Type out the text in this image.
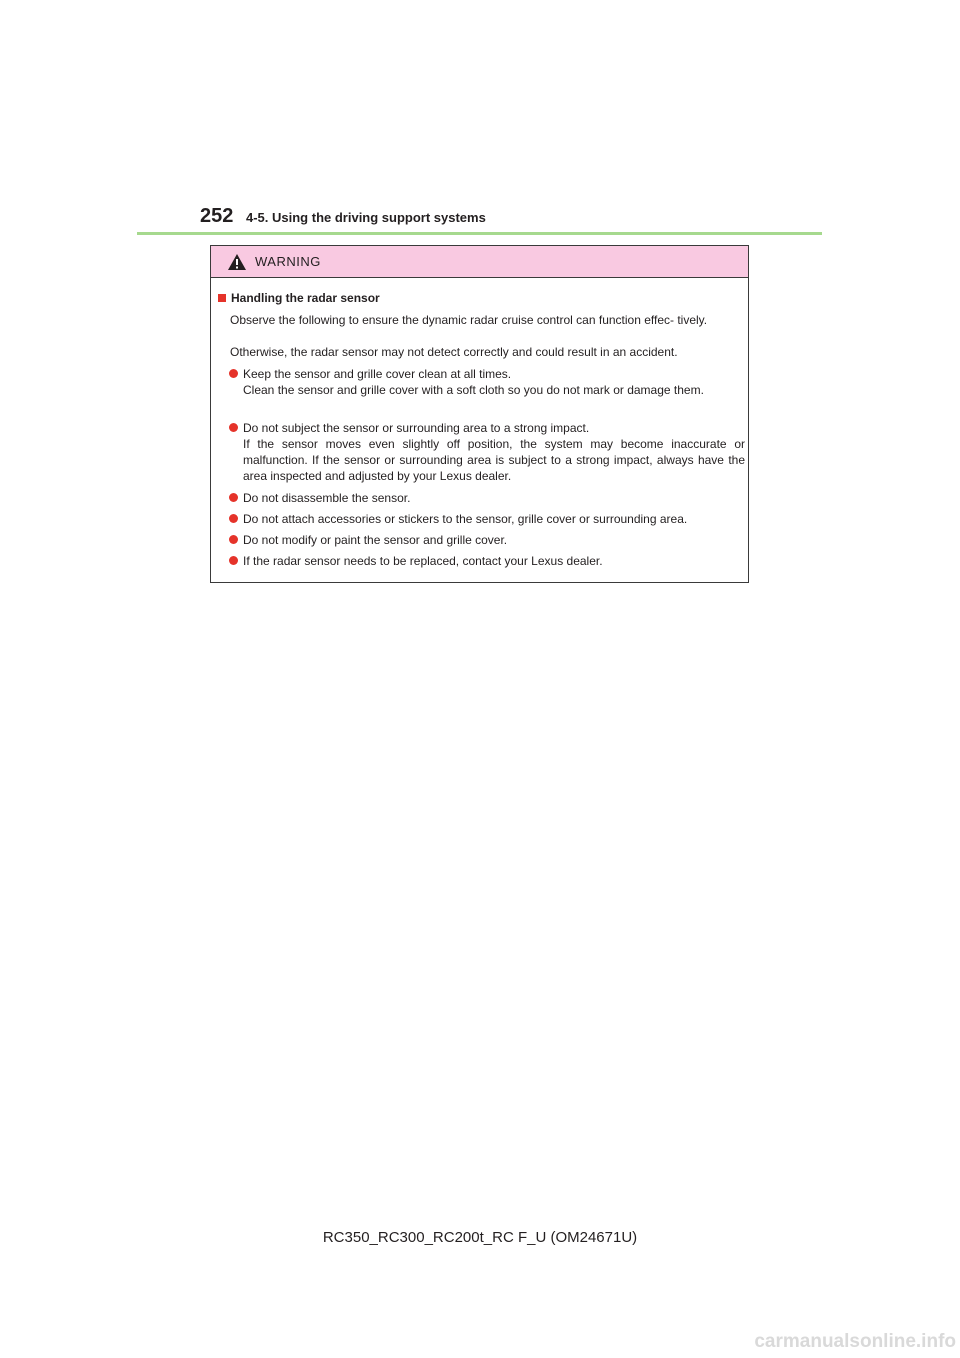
252 4-5. Using the driving support systems
WARNING
Handling the radar sensor
Observe the following to ensure the dynamic radar cruise control can function effec- tively.
Otherwise, the radar sensor may not detect correctly and could result in an accident.
Keep the sensor and grille cover clean at all times.
Clean the sensor and grille cover with a soft cloth so you do not mark or damage them.
Do not subject the sensor or surrounding area to a strong impact.
If the sensor moves even slightly off position, the system may become inaccurate or malfunction. If the sensor or surrounding area is subject to a strong impact, always have the area inspected and adjusted by your Lexus dealer.
Do not disassemble the sensor.
Do not attach accessories or stickers to the sensor, grille cover or surrounding area.
Do not modify or paint the sensor and grille cover.
If the radar sensor needs to be replaced, contact your Lexus dealer.
RC350_RC300_RC200t_RC F_U (OM24671U)
carmanualsonline.info
